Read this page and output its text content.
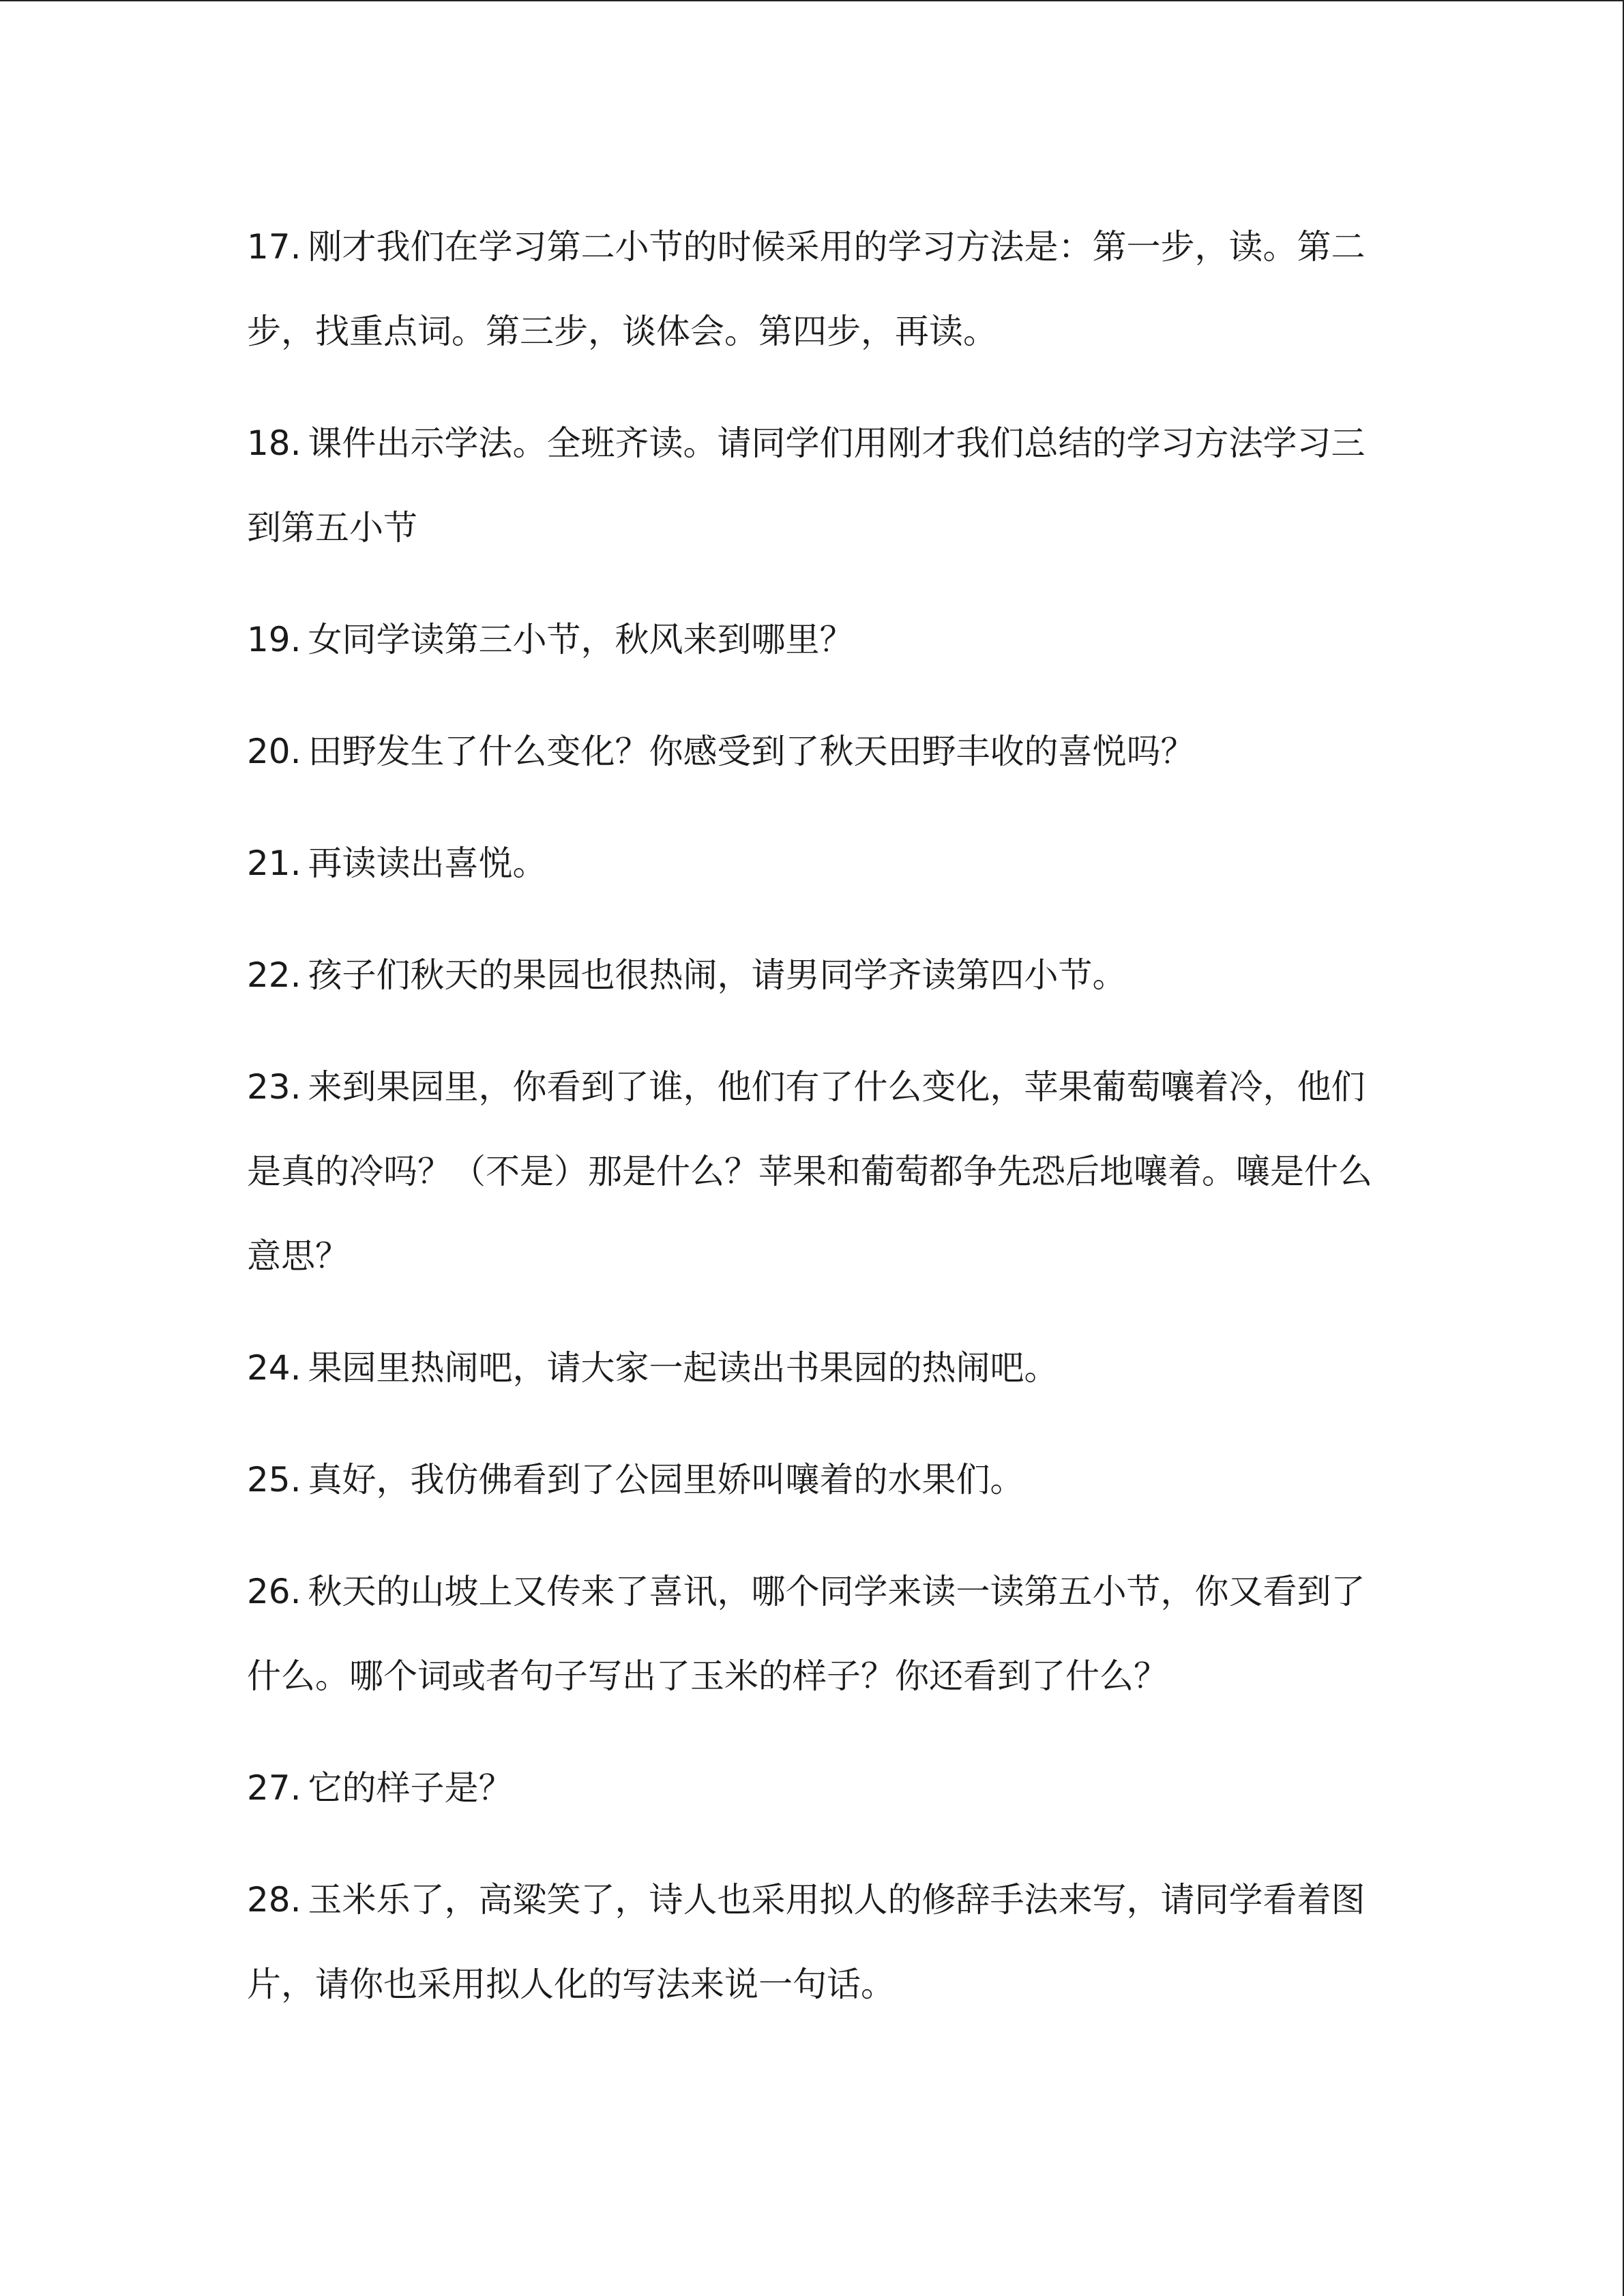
17. 刚才我们在学习第二小节的时候采用的学习方法是：第一步，读。第二步，找重点词。第三步，谈体会。第四步，再读。

18. 课件出示学法。全班齐读。请同学们用刚才我们总结的学习方法学习三到第五小节

19. 女同学读第三小节，秋风来到哪里？

20. 田野发生了什么变化？你感受到了秋天田野丰收的喜悦吗？

21. 再读读出喜悦。

22. 孩子们秋天的果园也很热闹，请男同学齐读第四小节。

23. 来到果园里，你看到了谁，他们有了什么变化，苹果葡萄嚷着冷，他们是真的冷吗？（不是）那是什么？苹果和葡萄都争先恐后地嚷着。嚷是什么意思？

24. 果园里热闹吧，请大家一起读出书果园的热闹吧。

25. 真好，我仿佛看到了公园里娇叫嚷着的水果们。

26. 秋天的山坡上又传来了喜讯，哪个同学来读一读第五小节，你又看到了什么。哪个词或者句子写出了玉米的样子？你还看到了什么？

27. 它的样子是？

28. 玉米乐了，高粱笑了，诗人也采用拟人的修辞手法来写，请同学看着图片，请你也采用拟人化的写法来说一句话。
